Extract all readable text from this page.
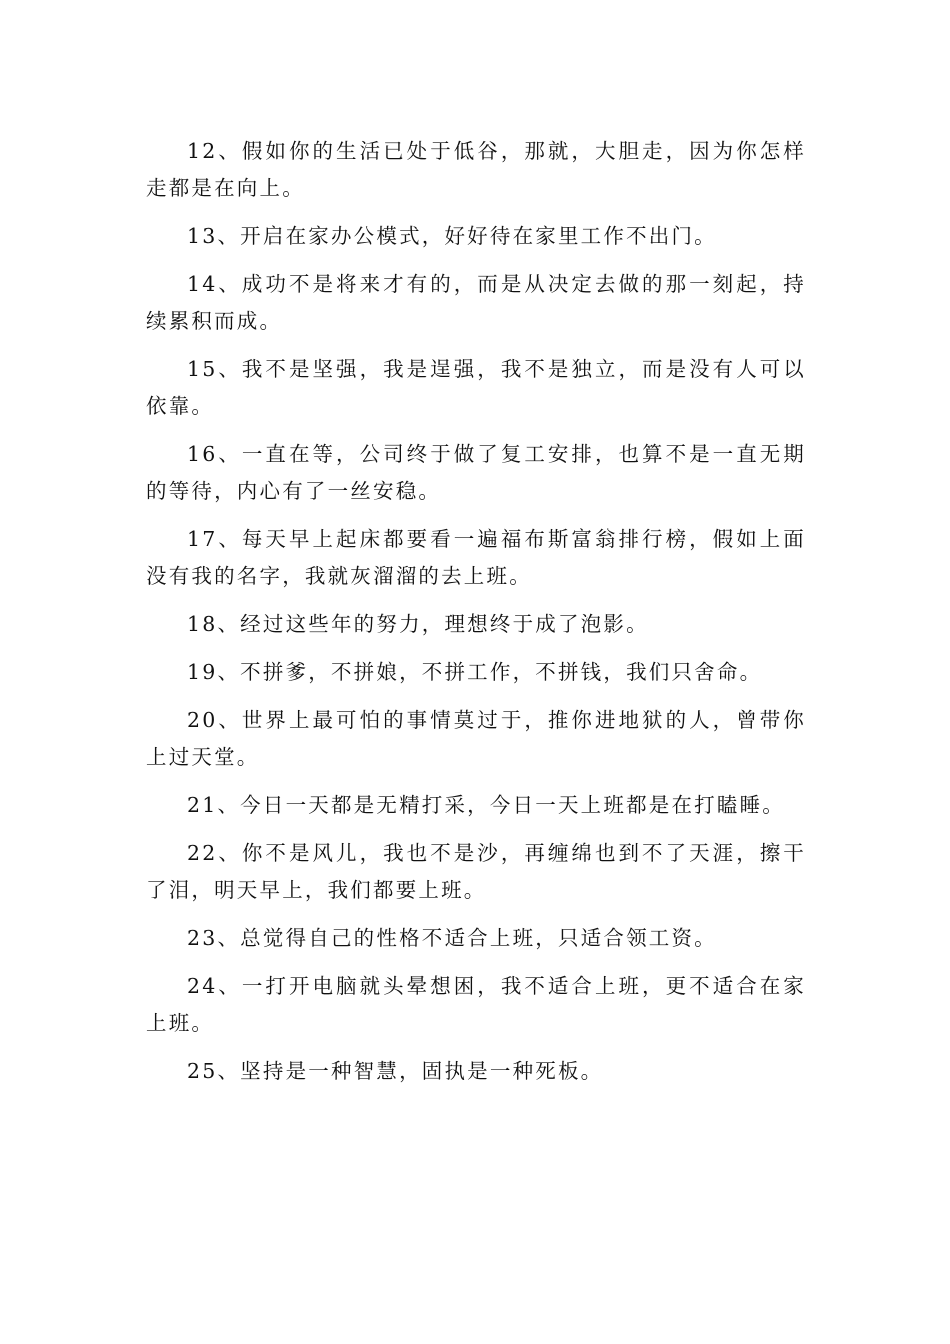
12、假如你的生活已处于低谷，那就，大胆走，因为你怎样走都是在向上。

13、开启在家办公模式，好好待在家里工作不出门。

14、成功不是将来才有的，而是从决定去做的那一刻起，持续累积而成。

15、我不是坚强，我是逞强，我不是独立，而是没有人可以依靠。

16、一直在等，公司终于做了复工安排，也算不是一直无期的等待，内心有了一丝安稳。

17、每天早上起床都要看一遍福布斯富翁排行榜，假如上面没有我的名字，我就灰溜溜的去上班。

18、经过这些年的努力，理想终于成了泡影。

19、不拼爹，不拼娘，不拼工作，不拼钱，我们只舍命。

20、世界上最可怕的事情莫过于，推你进地狱的人，曾带你上过天堂。

21、今日一天都是无精打采，今日一天上班都是在打瞌睡。

22、你不是风儿，我也不是沙，再缠绵也到不了天涯，擦干了泪，明天早上，我们都要上班。

23、总觉得自己的性格不适合上班，只适合领工资。

24、一打开电脑就头晕想困，我不适合上班，更不适合在家上班。

25、坚持是一种智慧，固执是一种死板。
